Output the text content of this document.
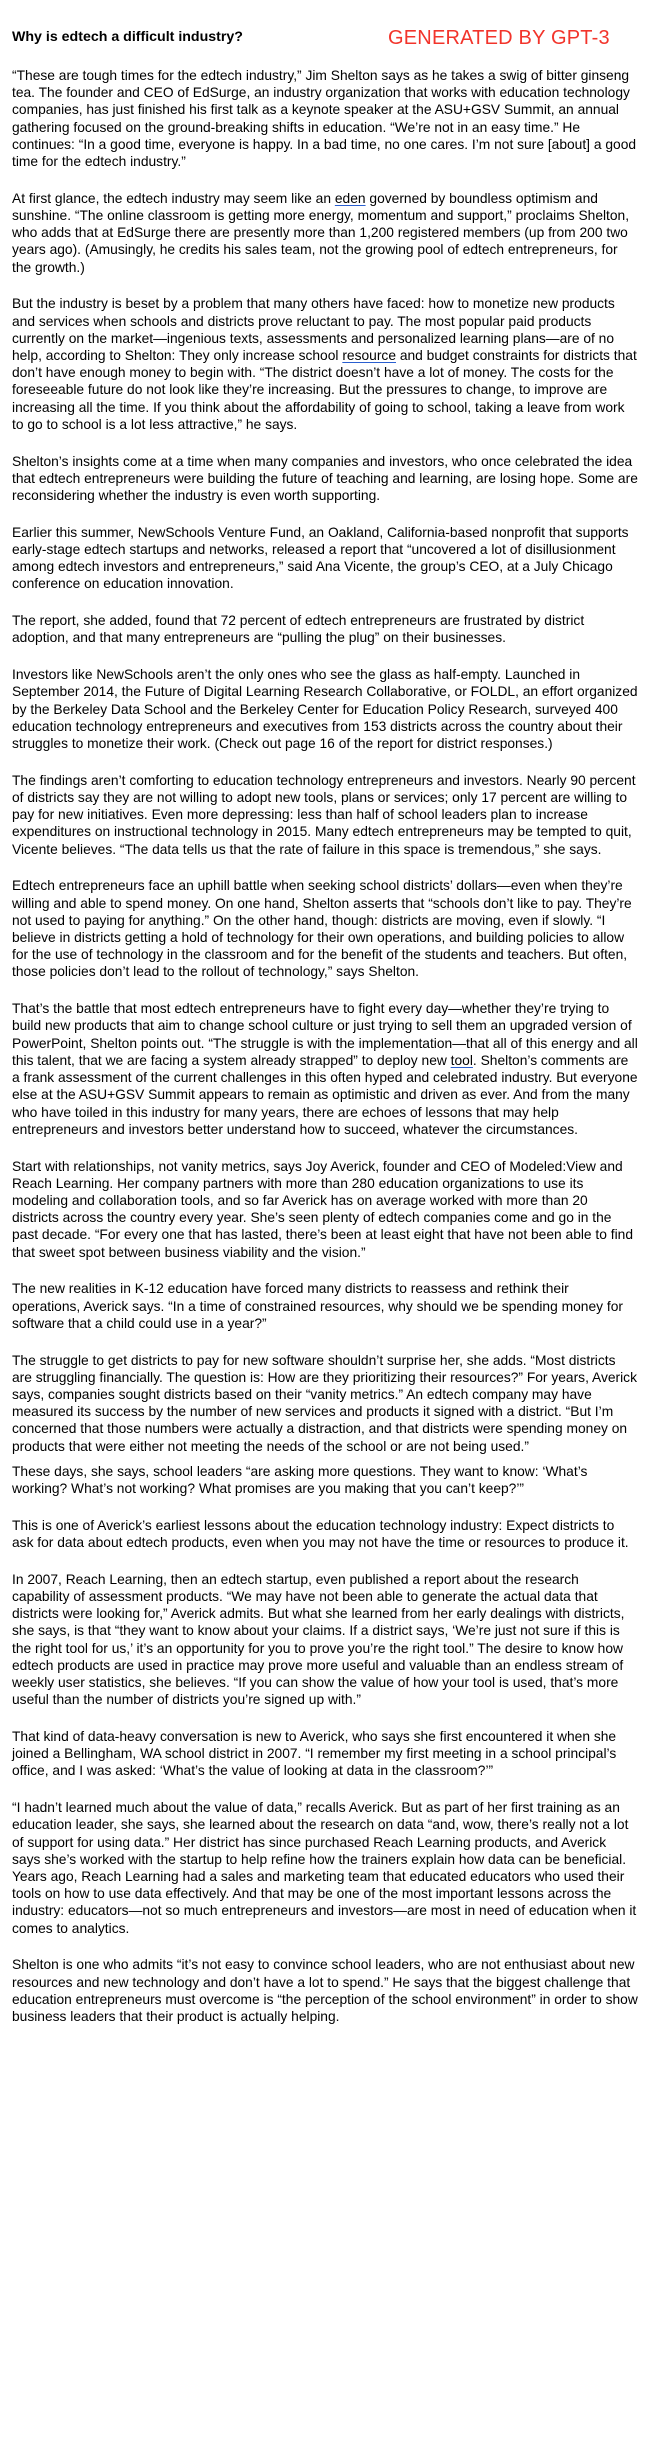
Why is edtech a difficult industry?	GENERATED BY GPT-3

“These are tough times for the edtech industry,” Jim Shelton says as he takes a swig of bitter ginseng tea. The founder and CEO of EdSurge, an industry organization that works with education technology companies, has just finished his first talk as a keynote speaker at the ASU+GSV Summit, an annual gathering focused on the ground-breaking shifts in education. “We’re not in an easy time.” He continues: “In a good time, everyone is happy. In a bad time, no one cares. I’m not sure [about] a good time for the edtech industry.”

At first glance, the edtech industry may seem like an eden governed by boundless optimism and sunshine. “The online classroom is getting more energy, momentum and support,” proclaims Shelton, who adds that at EdSurge there are presently more than 1,200 registered members (up from 200 two years ago). (Amusingly, he credits his sales team, not the growing pool of edtech entrepreneurs, for the growth.)

But the industry is beset by a problem that many others have faced: how to monetize new products and services when schools and districts prove reluctant to pay. The most popular paid products currently on the market—ingenious texts, assessments and personalized learning plans—are of no help, according to Shelton: They only increase school resource and budget constraints for districts that don’t have enough money to begin with. “The district doesn’t have a lot of money. The costs for the foreseeable future do not look like they’re increasing. But the pressures to change, to improve are increasing all the time. If you think about the affordability of going to school, taking a leave from work to go to school is a lot less attractive,” he says.

Shelton’s insights come at a time when many companies and investors, who once celebrated the idea that edtech entrepreneurs were building the future of teaching and learning, are losing hope. Some are reconsidering whether the industry is even worth supporting.

Earlier this summer, NewSchools Venture Fund, an Oakland, California-based nonprofit that supports early-stage edtech startups and networks, released a report that “uncovered a lot of disillusionment among edtech investors and entrepreneurs,” said Ana Vicente, the group’s CEO, at a July Chicago conference on education innovation.

The report, she added, found that 72 percent of edtech entrepreneurs are frustrated by district adoption, and that many entrepreneurs are “pulling the plug” on their businesses.

Investors like NewSchools aren’t the only ones who see the glass as half-empty. Launched in September 2014, the Future of Digital Learning Research Collaborative, or FOLDL, an effort organized by the Berkeley Data School and the Berkeley Center for Education Policy Research, surveyed 400 education technology entrepreneurs and executives from 153 districts across the country about their struggles to monetize their work. (Check out page 16 of the report for district responses.)

The findings aren’t comforting to education technology entrepreneurs and investors. Nearly 90 percent of districts say they are not willing to adopt new tools, plans or services; only 17 percent are willing to pay for new initiatives. Even more depressing: less than half of school leaders plan to increase expenditures on instructional technology in 2015. Many edtech entrepreneurs may be tempted to quit, Vicente believes. “The data tells us that the rate of failure in this space is tremendous,” she says.

Edtech entrepreneurs face an uphill battle when seeking school districts’ dollars—even when they’re willing and able to spend money. On one hand, Shelton asserts that “schools don’t like to pay. They’re not used to paying for anything.” On the other hand, though: districts are moving, even if slowly. “I believe in districts getting a hold of technology for their own operations, and building policies to allow for the use of technology in the classroom and for the benefit of the students and teachers. But often, those policies don’t lead to the rollout of technology,” says Shelton.

That’s the battle that most edtech entrepreneurs have to fight every day—whether they’re trying to build new products that aim to change school culture or just trying to sell them an upgraded version of PowerPoint, Shelton points out. “The struggle is with the implementation—that all of this energy and all this talent, that we are facing a system already strapped” to deploy new tool. Shelton’s comments are a frank assessment of the current challenges in this often hyped and celebrated industry. But everyone else at the ASU+GSV Summit appears to remain as optimistic and driven as ever. And from the many who have toiled in this industry for many years, there are echoes of lessons that may help entrepreneurs and investors better understand how to succeed, whatever the circumstances.

Start with relationships, not vanity metrics, says Joy Averick, founder and CEO of Modeled:View and Reach Learning. Her company partners with more than 280 education organizations to use its modeling and collaboration tools, and so far Averick has on average worked with more than 20 districts across the country every year. She’s seen plenty of edtech companies come and go in the past decade. “For every one that has lasted, there’s been at least eight that have not been able to find that sweet spot between business viability and the vision.”

The new realities in K-12 education have forced many districts to reassess and rethink their operations, Averick says. “In a time of constrained resources, why should we be spending money for software that a child could use in a year?”

The struggle to get districts to pay for new software shouldn’t surprise her, she adds. “Most districts are struggling financially. The question is: How are they prioritizing their resources?” For years, Averick says, companies sought districts based on their “vanity metrics.” An edtech company may have measured its success by the number of new services and products it signed with a district. “But I’m concerned that those numbers were actually a distraction, and that districts were spending money on products that were either not meeting the needs of the school or are not being used.”

These days, she says, school leaders “are asking more questions. They want to know: ‘What’s working? What’s not working? What promises are you making that you can’t keep?’”

This is one of Averick’s earliest lessons about the education technology industry: Expect districts to ask for data about edtech products, even when you may not have the time or resources to produce it.

In 2007, Reach Learning, then an edtech startup, even published a report about the research capability of assessment products. “We may have not been able to generate the actual data that districts were looking for,” Averick admits. But what she learned from her early dealings with districts, she says, is that “they want to know about your claims. If a district says, ‘We’re just not sure if this is the right tool for us,’ it’s an opportunity for you to prove you’re the right tool.” The desire to know how edtech products are used in practice may prove more useful and valuable than an endless stream of weekly user statistics, she believes. “If you can show the value of how your tool is used, that’s more useful than the number of districts you’re signed up with.”

That kind of data-heavy conversation is new to Averick, who says she first encountered it when she joined a Bellingham, WA school district in 2007. “I remember my first meeting in a school principal’s office, and I was asked: ‘What’s the value of looking at data in the classroom?’”

“I hadn’t learned much about the value of data,” recalls Averick. But as part of her first training as an education leader, she says, she learned about the research on data “and, wow, there’s really not a lot of support for using data.” Her district has since purchased Reach Learning products, and Averick says she’s worked with the startup to help refine how the trainers explain how data can be beneficial. Years ago, Reach Learning had a sales and marketing team that educated educators who used their tools on how to use data effectively. And that may be one of the most important lessons across the industry: educators—not so much entrepreneurs and investors—are most in need of education when it comes to analytics.

Shelton is one who admits “it’s not easy to convince school leaders, who are not enthusiast about new resources and new technology and don’t have a lot to spend.” He says that the biggest challenge that education entrepreneurs must overcome is “the perception of the school environment” in order to show business leaders that their product is actually helping.
